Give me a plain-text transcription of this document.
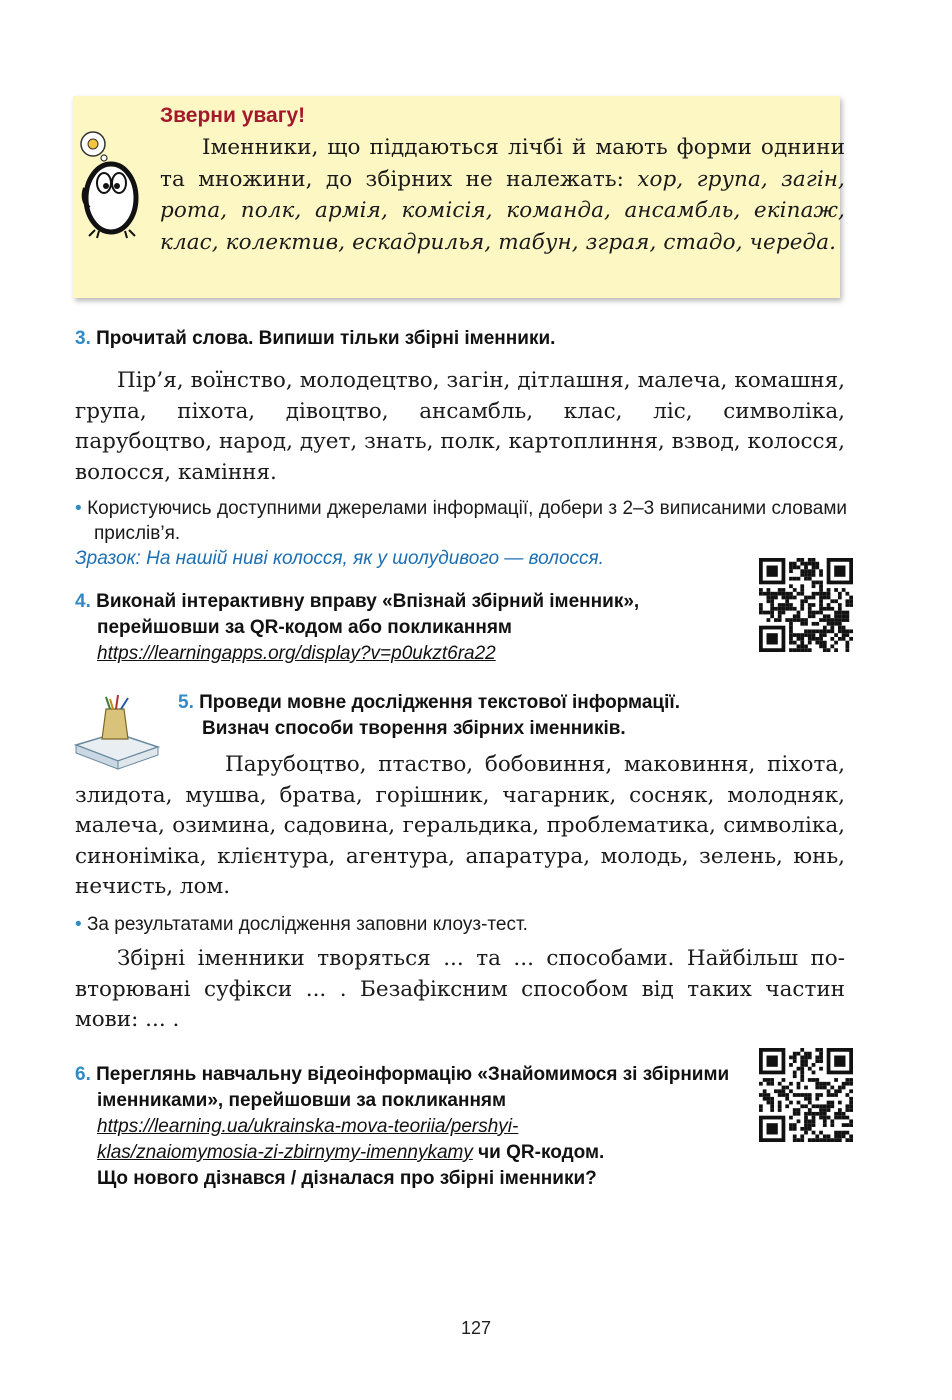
Зверни увагу!
Іменники, що піддаються лічбі й мають форми однини та множини, до збірних не належать: хор, група, загін, рота, полк, армія, комісія, команда, ансамбль, екіпаж, клас, колектив, ескадрилья, табун, зграя, стадо, череда.
3. Прочитай слова. Випиши тільки збірні іменники.
Пір’я, воїнство, молодецтво, загін, дітлашня, малеча, комашня, група, піхота, дівоцтво, ансамбль, клас, ліс, символіка, парубоцтво, народ, дует, знать, полк, картоплиння, взвод, колосся, волосся, каміння.
• Користуючись доступними джерелами інформації, добери з 2–3 виписаними словами прислів’я.
Зразок: На нашій ниві колосся, як у шолудивого — волосся.
4. Виконай інтерактивну вправу «Впізнай збірний іменник», перейшовши за QR-кодом або покликанням
https://learningapps.org/display?v=p0ukzt6ra22
5. Проведи мовне дослідження текстової інформації.
Визнач способи творення збірних іменників.
Парубоцтво, птаство, бобовиння, маковиння, піхота, злидота, мушва, братва, горішник, чагарник, сосняк, молодняк, малеча, озимина, садовина, геральдика, проблематика, символіка, синоніміка, клієнтура, агентура, апаратура, молодь, зелень, юнь, нечисть, лом.
• За результатами дослідження заповни клоуз-тест.
Збірні іменники творяться ... та ... способами. Найбільш повторювані суфікси ... . Безафіксним способом від таких частин мови: ... .
6. Переглянь навчальну відеоінформацію «Знайомимося зі збірними іменниками», перейшовши за покликанням
https://learning.ua/ukrainska-mova-teoriia/pershyi-
klas/znaiomymosia-zi-zbirnymy-imennykamy чи QR-кодом.
Що нового дізнався / дізналася про збірні іменники?
127
